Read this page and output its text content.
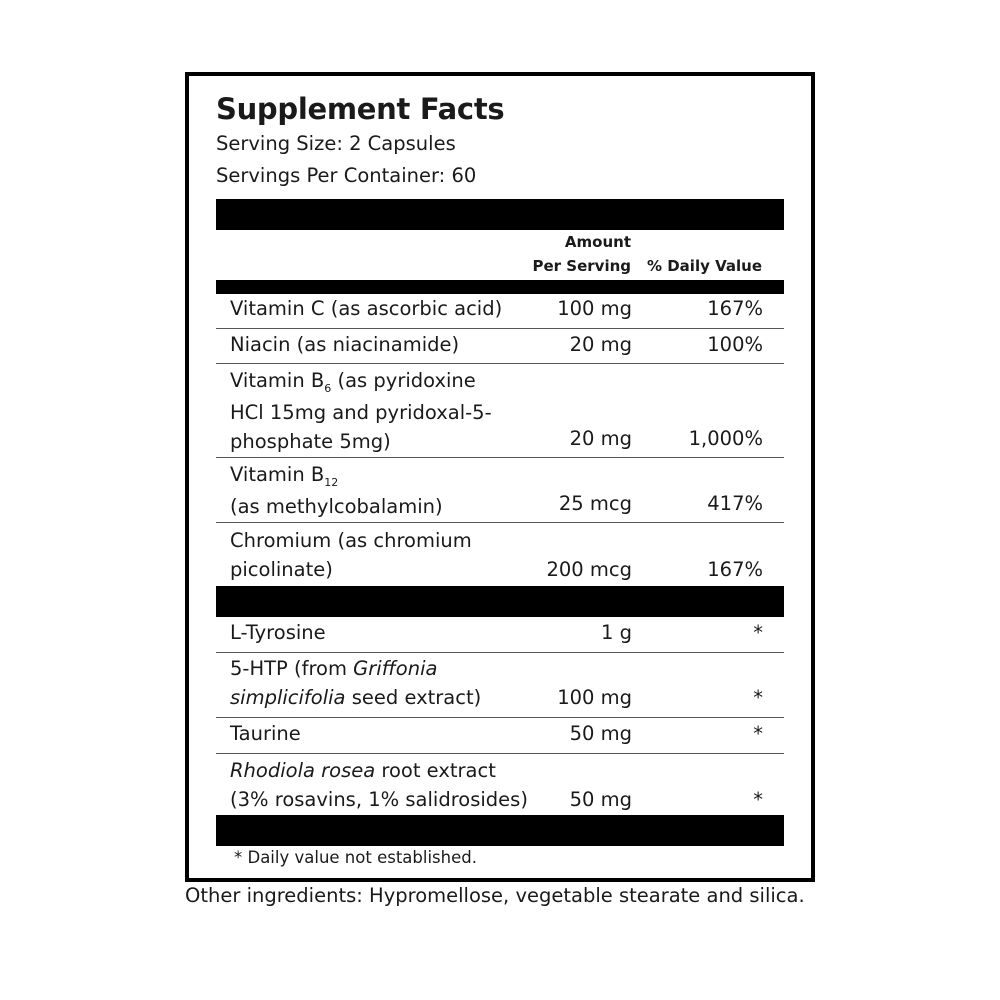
Supplement Facts
Serving Size: 2 Capsules
Servings Per Container: 60
Amount
Per Serving % Daily Value
Vitamin C (as ascorbic acid)	100 mg	167%
Niacin (as niacinamide)	20 mg	100%
Vitamin $B_6$ (as pyridoxine
HCl 15mg and pyridoxal-5-
phosphate 5mg)	20 mg	1,000%
Vitamin $B_{12}$
(as methylcobalamin)	25 mcg	417%
Chromium (as chromium
picolinate)	200 mcg	167%
L-Tyrosine	1 g	*
5-HTP (from Griffonia
simplicifolia seed extract)	100 mg	*
Taurine	50 mg	*
Rhodiola rosea root extract
(3% rosavins, 1% salidrosides) 50 mg	*
* Daily value not established.
Other ingredients: Hypromellose, vegetable stearate and silica.
